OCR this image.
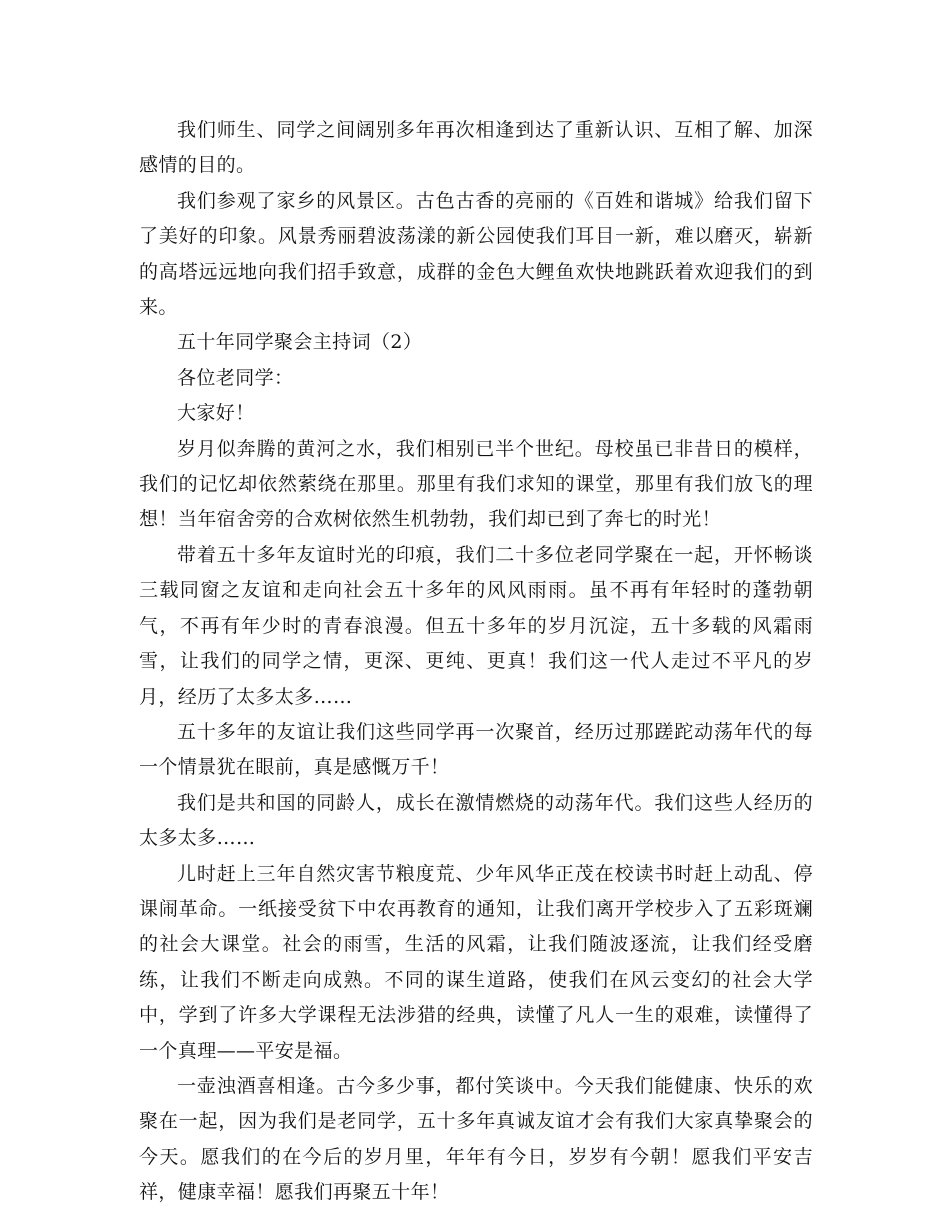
我们师生、同学之间阔别多年再次相逢到达了重新认识、互相了解、加深感情的目的。

我们参观了家乡的风景区。古色古香的亮丽的《百姓和谐城》给我们留下了美好的印象。风景秀丽碧波荡漾的新公园使我们耳目一新，难以磨灭，崭新的高塔远远地向我们招手致意，成群的金色大鲤鱼欢快地跳跃着欢迎我们的到来。

五十年同学聚会主持词（2）

各位老同学：

大家好！

岁月似奔腾的黄河之水，我们相别已半个世纪。母校虽已非昔日的模样，我们的记忆却依然萦绕在那里。那里有我们求知的课堂，那里有我们放飞的理想！当年宿舍旁的合欢树依然生机勃勃，我们却已到了奔七的时光！

带着五十多年友谊时光的印痕，我们二十多位老同学聚在一起，开怀畅谈三载同窗之友谊和走向社会五十多年的风风雨雨。虽不再有年轻时的蓬勃朝气，不再有年少时的青春浪漫。但五十多年的岁月沉淀，五十多载的风霜雨雪，让我们的同学之情，更深、更纯、更真！我们这一代人走过不平凡的岁月，经历了太多太多……

五十多年的友谊让我们这些同学再一次聚首，经历过那蹉跎动荡年代的每一个情景犹在眼前，真是感慨万千！

我们是共和国的同龄人，成长在激情燃烧的动荡年代。我们这些人经历的太多太多……

儿时赶上三年自然灾害节粮度荒、少年风华正茂在校读书时赶上动乱、停课闹革命。一纸接受贫下中农再教育的通知，让我们离开学校步入了五彩斑斓的社会大课堂。社会的雨雪，生活的风霜，让我们随波逐流，让我们经受磨练，让我们不断走向成熟。不同的谋生道路，使我们在风云变幻的社会大学中，学到了许多大学课程无法涉猎的经典，读懂了凡人一生的艰难，读懂得了一个真理——平安是福。

一壶浊酒喜相逢。古今多少事，都付笑谈中。今天我们能健康、快乐的欢聚在一起，因为我们是老同学，五十多年真诚友谊才会有我们大家真挚聚会的今天。愿我们的在今后的岁月里，年年有今日，岁岁有今朝！愿我们平安吉祥，健康幸福！愿我们再聚五十年！
